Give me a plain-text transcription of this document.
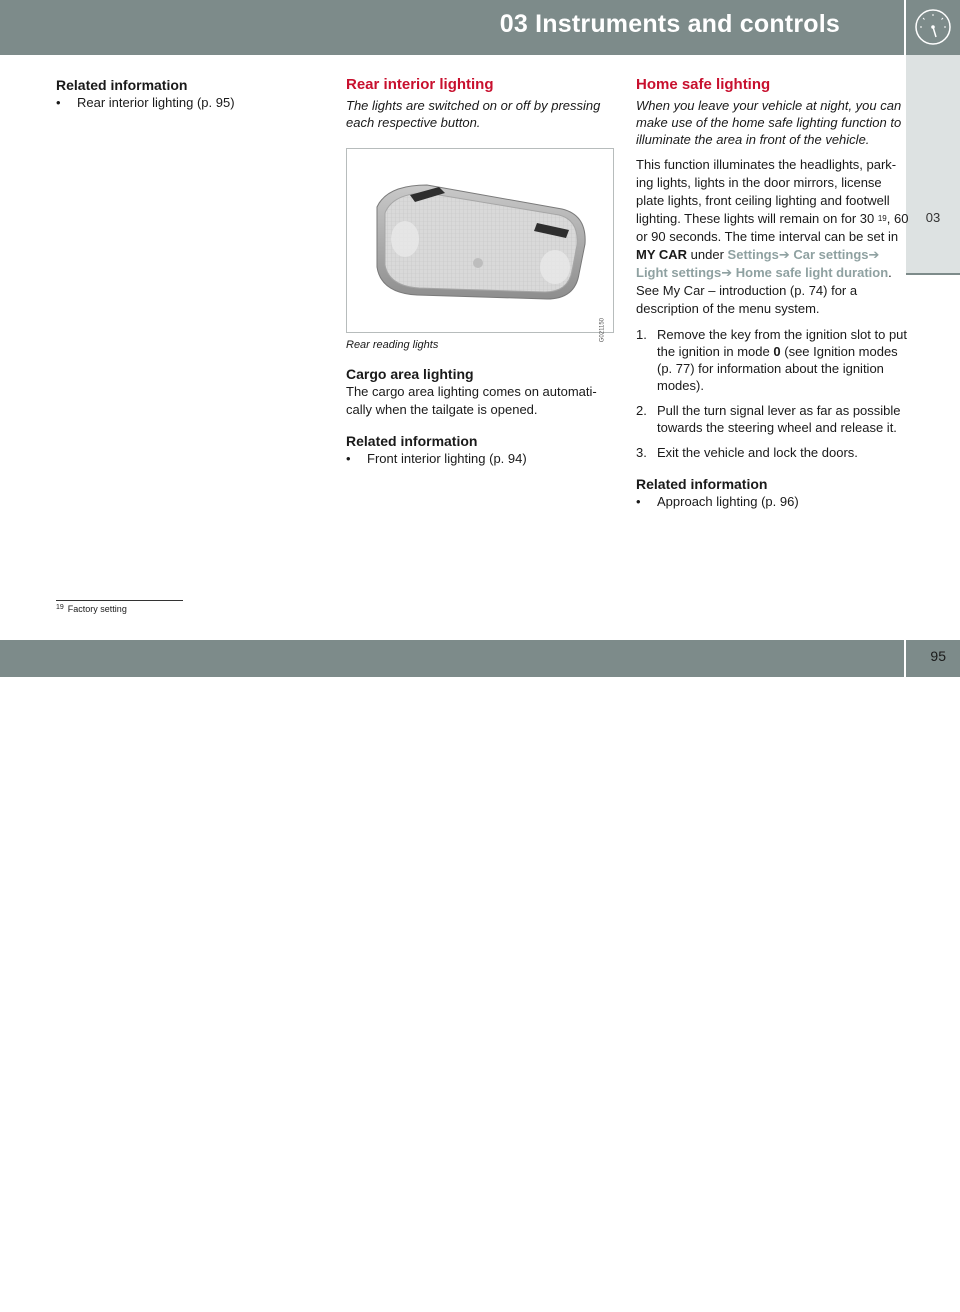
03 Instruments and controls
03
Related information
• Rear interior lighting (p. 95)
Rear interior lighting
The lights are switched on or off by pressing each respective button.
G021150
Rear reading lights
Cargo area lighting
The cargo area lighting comes on automati-cally when the tailgate is opened.
Related information
• Front interior lighting (p. 94)
Home safe lighting
When you leave your vehicle at night, you can make use of the home safe lighting function to illuminate the area in front of the vehicle.
This function illuminates the headlights, park-ing lights, lights in the door mirrors, license plate lights, front ceiling lighting and footwell lighting. These lights will remain on for 30 $^{19}$, 60 or 90 seconds. The time interval can be set in MY CAR under Settings➔ Car settings➔ Light settings➔ Home safe light duration. See My Car – introduction (p. 74) for a description of the menu system.
1. Remove the key from the ignition slot to put the ignition in mode 0 (see Ignition modes (p. 77) for information about the ignition modes).
2. Pull the turn signal lever as far as possible towards the steering wheel and release it.
3. Exit the vehicle and lock the doors.
Related information
• Approach lighting (p. 96)
$^{19}$ Factory setting
carmanualsonline.info
95
